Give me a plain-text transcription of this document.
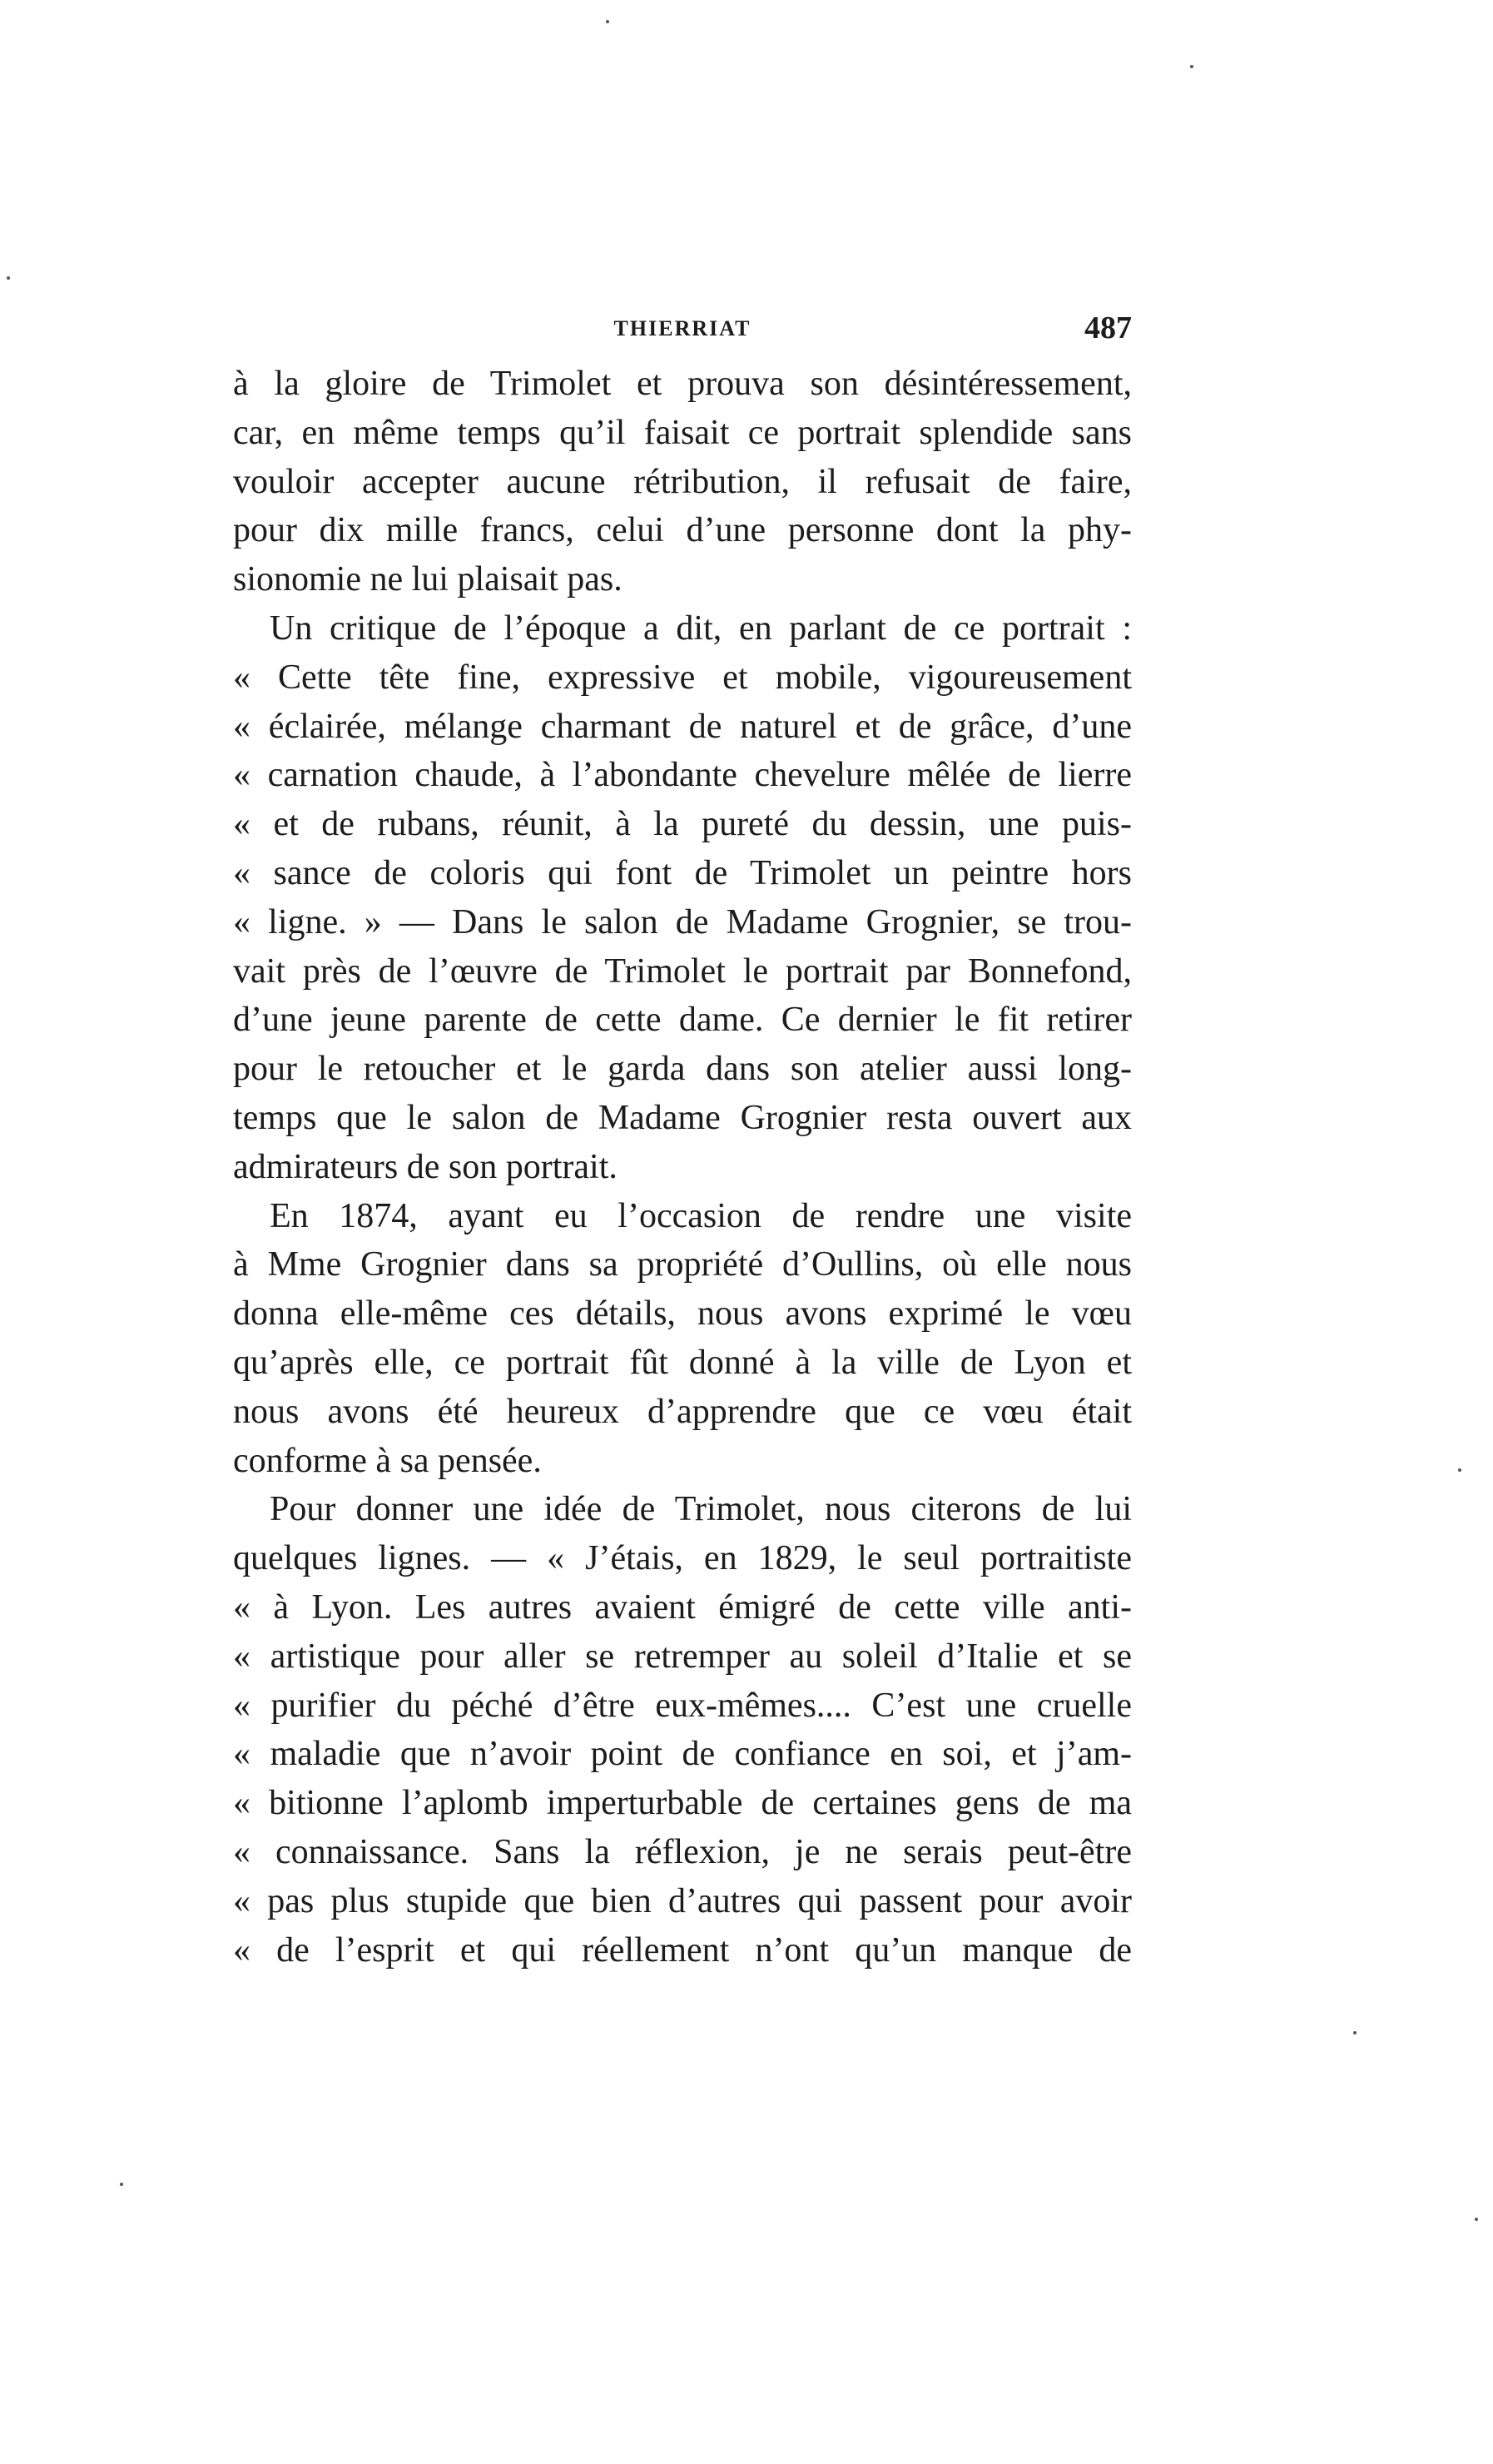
THIERRIAT	487
à la gloire de Trimolet et prouva son désintéressement,
car, en même temps qu’il faisait ce portrait splendide sans
vouloir accepter aucune rétribution, il refusait de faire,
pour dix mille francs, celui d’une personne dont la phy-
sionomie ne lui plaisait pas.
Un critique de l’époque a dit, en parlant de ce portrait :
« Cette tête fine, expressive et mobile, vigoureusement
« éclairée, mélange charmant de naturel et de grâce, d’une
« carnation chaude, à l’abondante chevelure mêlée de lierre
« et de rubans, réunit, à la pureté du dessin, une puis-
« sance de coloris qui font de Trimolet un peintre hors
« ligne. » — Dans le salon de Madame Grognier, se trou-
vait près de l’œuvre de Trimolet le portrait par Bonnefond,
d’une jeune parente de cette dame. Ce dernier le fit retirer
pour le retoucher et le garda dans son atelier aussi long-
temps que le salon de Madame Grognier resta ouvert aux
admirateurs de son portrait.
En 1874, ayant eu l’occasion de rendre une visite
à Mme Grognier dans sa propriété d’Oullins, où elle nous
donna elle-même ces détails, nous avons exprimé le vœu
qu’après elle, ce portrait fût donné à la ville de Lyon et
nous avons été heureux d’apprendre que ce vœu était
conforme à sa pensée.
Pour donner une idée de Trimolet, nous citerons de lui
quelques lignes. — « J’étais, en 1829, le seul portraitiste
« à Lyon. Les autres avaient émigré de cette ville anti-
« artistique pour aller se retremper au soleil d’Italie et se
« purifier du péché d’être eux-mêmes.... C’est une cruelle
« maladie que n’avoir point de confiance en soi, et j’am-
« bitionne l’aplomb imperturbable de certaines gens de ma
« connaissance. Sans la réflexion, je ne serais peut-être
« pas plus stupide que bien d’autres qui passent pour avoir
« de l’esprit et qui réellement n’ont qu’un manque de
